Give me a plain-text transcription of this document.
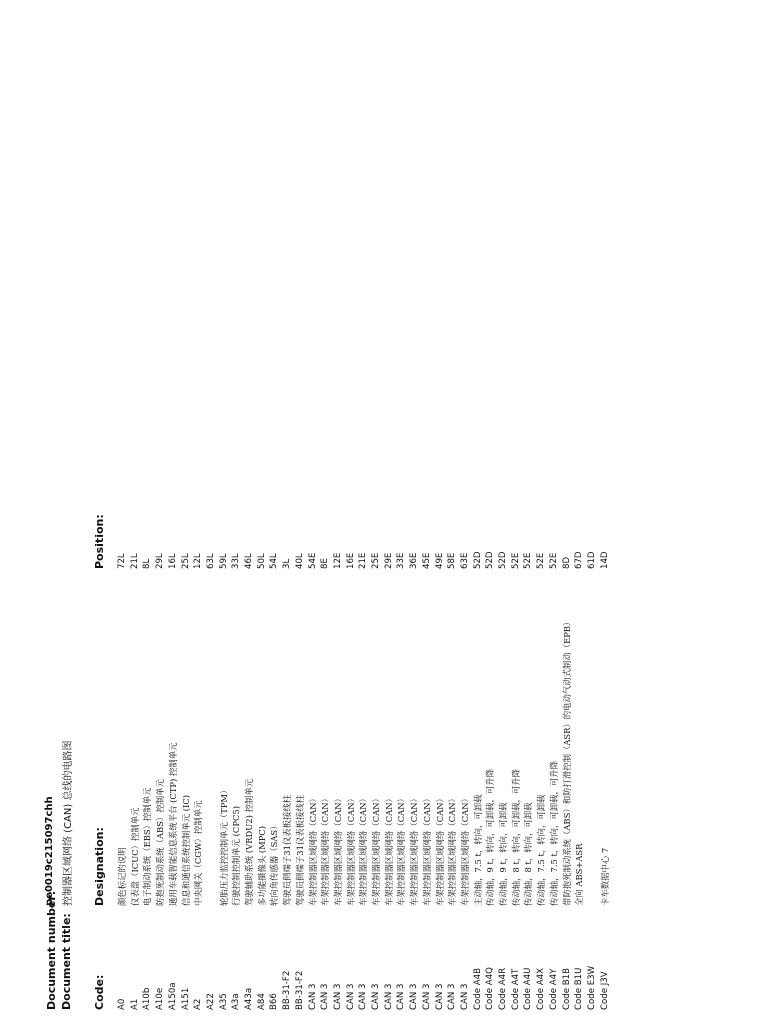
Document number:
pe0019c215097chh
Document title:
控制器区域网络 (CAN) 总线的电路图
Code:
Designation:
Position:
A0
颜色标记的说明
72L
A1
仪表盘（ICUC）控制单元
21L
A10b
电子制动系统（EBS）控制单元
8L
A10e
防抱死制动系统（ABS）控制单元
29L
A150a
通用车载智能信息系统平台 (CTP) 控制单元
16L
A151
信息和通信系统控制单元 (IC)
25L
A2
中央网关（CGW）控制单元
12L
A22
63L
A35
轮胎压力监控控制单元（TPM）
59L
A3a
行驶控制控制单元 (CPC5)
33L
A43a
驾驶辅助系统 (VRDU2) 控制单元
46L
A84
多功能摄像头 (MPC)
50L
B66
转向角传感器（SAS）
54L
BB-31-F2
驾驶员侧端子31仪表板接线柱
3L
BB-31-F2
驾驶员侧端子31仪表板接线柱
40L
CAN 3
车架控制器区域网络（CAN）
54E
CAN 3
车架控制器区域网络（CAN）
8E
CAN 3
车架控制器区域网络（CAN）
12E
CAN 3
车架控制器区域网络（CAN）
16E
CAN 3
车架控制器区域网络（CAN）
21E
CAN 3
车架控制器区域网络（CAN）
25E
CAN 3
车架控制器区域网络（CAN）
29E
CAN 3
车架控制器区域网络（CAN）
33E
CAN 3
车架控制器区域网络（CAN）
36E
CAN 3
车架控制器区域网络（CAN）
45E
CAN 3
车架控制器区域网络（CAN）
49E
CAN 3
车架控制器区域网络（CAN）
58E
CAN 3
车架控制器区域网络（CAN）
63E
Code A4B
主动轴，7.5 t，转向，可卸载
52D
Code A4Q
传动轴，9 t，转向，可卸载，可升降
52D
Code A4R
传动轴，9 t，转向，可卸载
52D
Code A4T
传动轴，8 t，转向，可卸载，可升降
52E
Code A4U
传动轴，8 t，转向，可卸载
52E
Code A4X
传动轴，7.5 t，转向，可卸载
52E
Code A4Y
传动轴，7.5 t，转向，可卸载，可升降
52E
Code B1B
带防抱死制动系统（ABS）和防打滑控制（ASR）的电动气动式制动（EPB）
8D
Code B1U
全向 ABS+ASR
67D
Code E3W
61D
Code J3V
卡车数据中心 7
14D
